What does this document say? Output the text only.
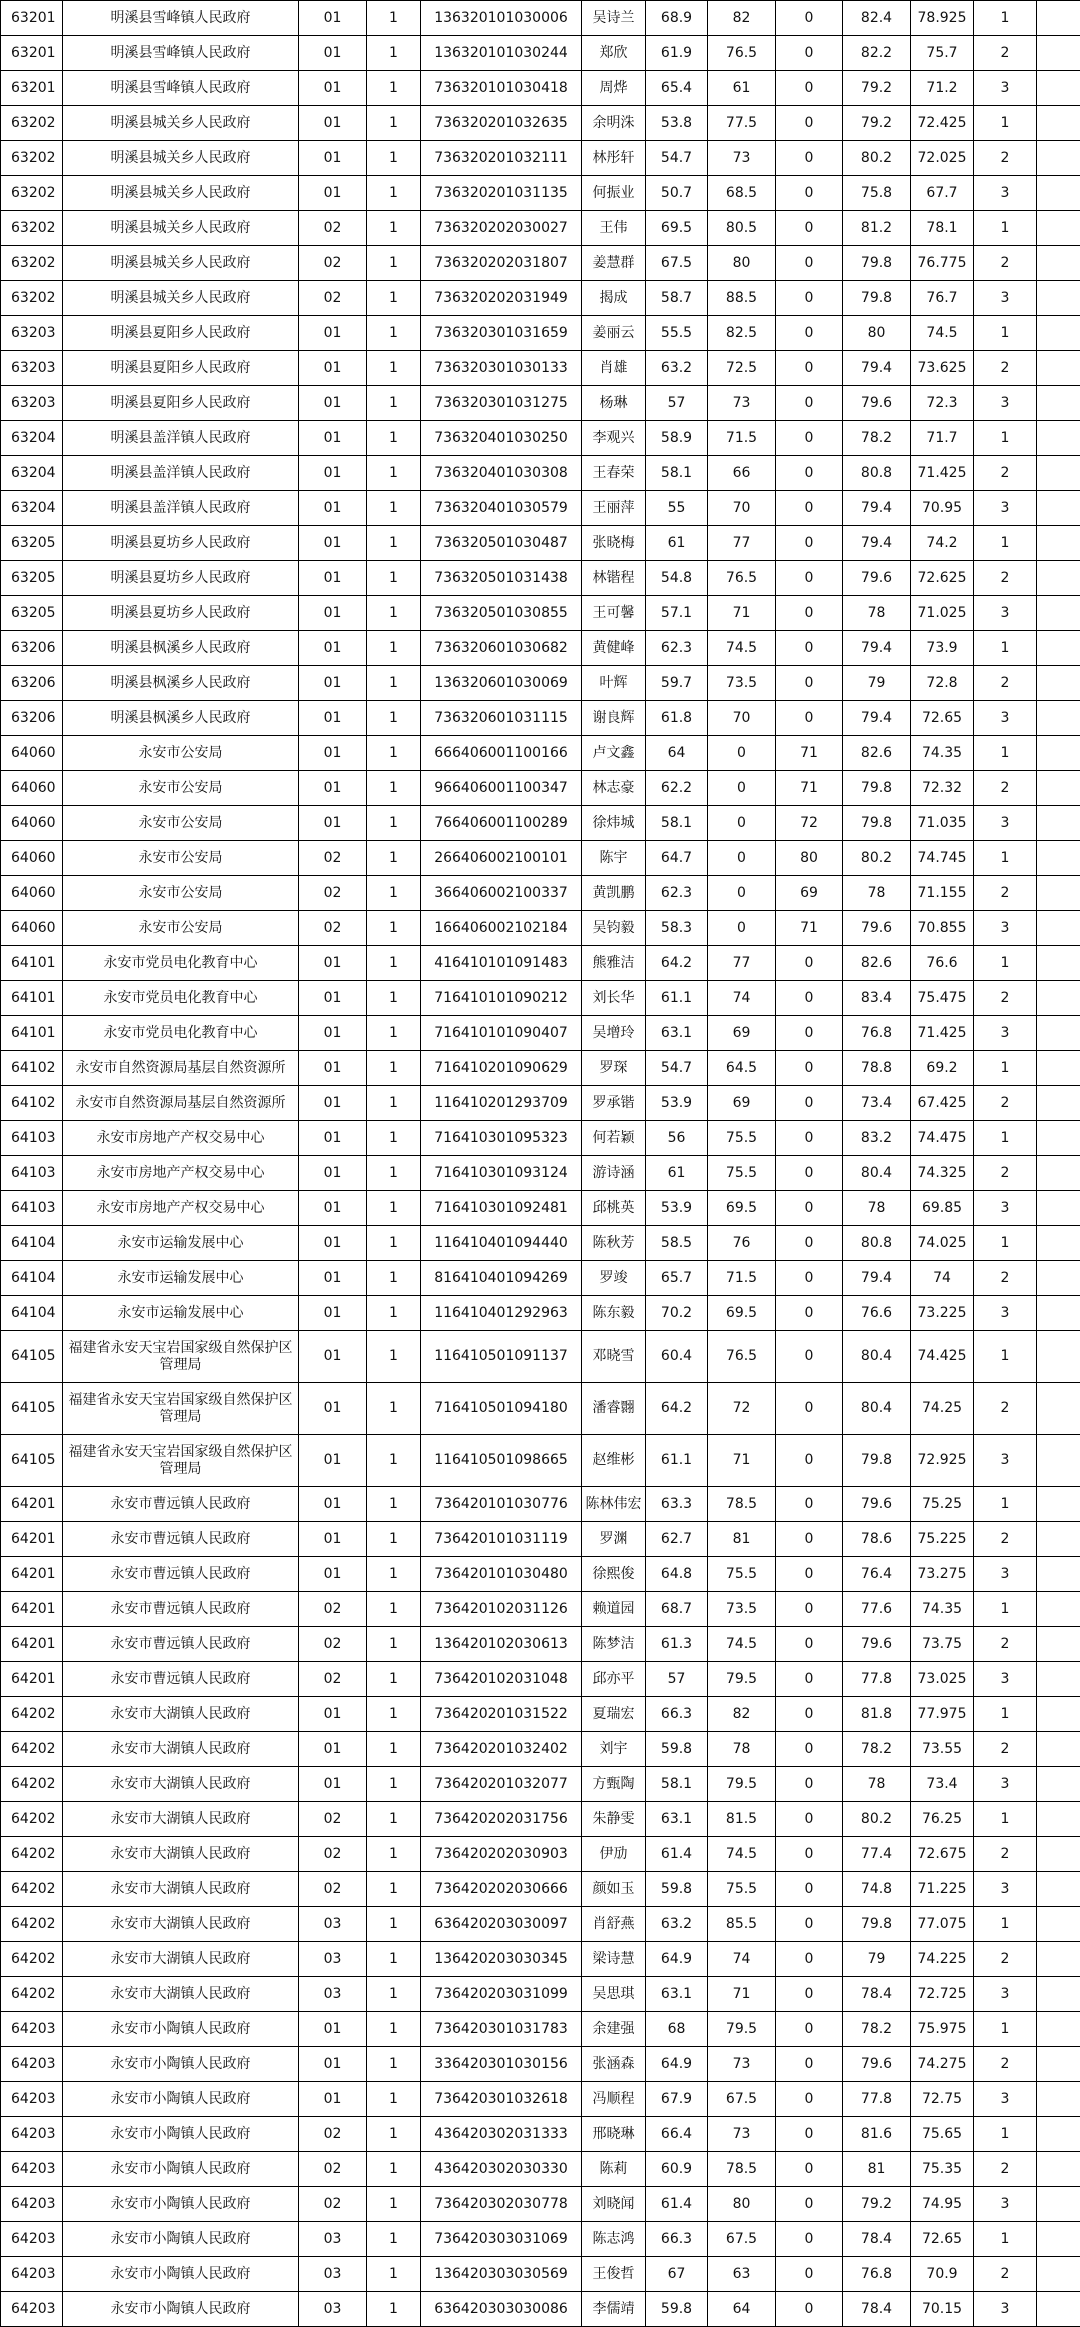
63201	明溪县雪峰镇人民政府	01	1	136320101030006	吴诗兰	68.9	82	0	82.4	78.925	1	
63201	明溪县雪峰镇人民政府	01	1	136320101030244	郑欣	61.9	76.5	0	82.2	75.7	2	
63201	明溪县雪峰镇人民政府	01	1	736320101030418	周烨	65.4	61	0	79.2	71.2	3	
63202	明溪县城关乡人民政府	01	1	736320201032635	余明洙	53.8	77.5	0	79.2	72.425	1	
63202	明溪县城关乡人民政府	01	1	736320201032111	林彤轩	54.7	73	0	80.2	72.025	2	
63202	明溪县城关乡人民政府	01	1	736320201031135	何振业	50.7	68.5	0	75.8	67.7	3	
63202	明溪县城关乡人民政府	02	1	736320202030027	王伟	69.5	80.5	0	81.2	78.1	1	
63202	明溪县城关乡人民政府	02	1	736320202031807	姜慧群	67.5	80	0	79.8	76.775	2	
63202	明溪县城关乡人民政府	02	1	736320202031949	揭成	58.7	88.5	0	79.8	76.7	3	
63203	明溪县夏阳乡人民政府	01	1	736320301031659	姜丽云	55.5	82.5	0	80	74.5	1	
63203	明溪县夏阳乡人民政府	01	1	736320301030133	肖雄	63.2	72.5	0	79.4	73.625	2	
63203	明溪县夏阳乡人民政府	01	1	736320301031275	杨琳	57	73	0	79.6	72.3	3	
63204	明溪县盖洋镇人民政府	01	1	736320401030250	李观兴	58.9	71.5	0	78.2	71.7	1	
63204	明溪县盖洋镇人民政府	01	1	736320401030308	王春荣	58.1	66	0	80.8	71.425	2	
63204	明溪县盖洋镇人民政府	01	1	736320401030579	王丽萍	55	70	0	79.4	70.95	3	
63205	明溪县夏坊乡人民政府	01	1	736320501030487	张晓梅	61	77	0	79.4	74.2	1	
63205	明溪县夏坊乡人民政府	01	1	736320501031438	林锴程	54.8	76.5	0	79.6	72.625	2	
63205	明溪县夏坊乡人民政府	01	1	736320501030855	王可馨	57.1	71	0	78	71.025	3	
63206	明溪县枫溪乡人民政府	01	1	736320601030682	黄健峰	62.3	74.5	0	79.4	73.9	1	
63206	明溪县枫溪乡人民政府	01	1	136320601030069	叶辉	59.7	73.5	0	79	72.8	2	
63206	明溪县枫溪乡人民政府	01	1	736320601031115	谢良辉	61.8	70	0	79.4	72.65	3	
64060	永安市公安局	01	1	666406001100166	卢文鑫	64	0	71	82.6	74.35	1	
64060	永安市公安局	01	1	966406001100347	林志豪	62.2	0	71	79.8	72.32	2	
64060	永安市公安局	01	1	766406001100289	徐炜城	58.1	0	72	79.8	71.035	3	
64060	永安市公安局	02	1	266406002100101	陈宇	64.7	0	80	80.2	74.745	1	
64060	永安市公安局	02	1	366406002100337	黄凯鹏	62.3	0	69	78	71.155	2	
64060	永安市公安局	02	1	166406002102184	吴钧毅	58.3	0	71	79.6	70.855	3	
64101	永安市党员电化教育中心	01	1	416410101091483	熊雅洁	64.2	77	0	82.6	76.6	1	
64101	永安市党员电化教育中心	01	1	716410101090212	刘长华	61.1	74	0	83.4	75.475	2	
64101	永安市党员电化教育中心	01	1	716410101090407	吴增玲	63.1	69	0	76.8	71.425	3	
64102	永安市自然资源局基层自然资源所	01	1	716410201090629	罗琛	54.7	64.5	0	78.8	69.2	1	
64102	永安市自然资源局基层自然资源所	01	1	116410201293709	罗承锴	53.9	69	0	73.4	67.425	2	
64103	永安市房地产产权交易中心	01	1	716410301095323	何若颖	56	75.5	0	83.2	74.475	1	
64103	永安市房地产产权交易中心	01	1	716410301093124	游诗涵	61	75.5	0	80.4	74.325	2	
64103	永安市房地产产权交易中心	01	1	716410301092481	邱桃英	53.9	69.5	0	78	69.85	3	
64104	永安市运输发展中心	01	1	116410401094440	陈秋芳	58.5	76	0	80.8	74.025	1	
64104	永安市运输发展中心	01	1	816410401094269	罗竣	65.7	71.5	0	79.4	74	2	
64104	永安市运输发展中心	01	1	116410401292963	陈东毅	70.2	69.5	0	76.6	73.225	3	
64105	福建省永安天宝岩国家级自然保护区管理局	01	1	116410501091137	邓晓雪	60.4	76.5	0	80.4	74.425	1	
64105	福建省永安天宝岩国家级自然保护区管理局	01	1	716410501094180	潘睿翾	64.2	72	0	80.4	74.25	2	
64105	福建省永安天宝岩国家级自然保护区管理局	01	1	116410501098665	赵维彬	61.1	71	0	79.8	72.925	3	
64201	永安市曹远镇人民政府	01	1	736420101030776	陈林伟宏	63.3	78.5	0	79.6	75.25	1	
64201	永安市曹远镇人民政府	01	1	736420101031119	罗渊	62.7	81	0	78.6	75.225	2	
64201	永安市曹远镇人民政府	01	1	736420101030480	徐熙俊	64.8	75.5	0	76.4	73.275	3	
64201	永安市曹远镇人民政府	02	1	736420102031126	赖道园	68.7	73.5	0	77.6	74.35	1	
64201	永安市曹远镇人民政府	02	1	136420102030613	陈梦洁	61.3	74.5	0	79.6	73.75	2	
64201	永安市曹远镇人民政府	02	1	736420102031048	邱亦平	57	79.5	0	77.8	73.025	3	
64202	永安市大湖镇人民政府	01	1	736420201031522	夏瑞宏	66.3	82	0	81.8	77.975	1	
64202	永安市大湖镇人民政府	01	1	736420201032402	刘宇	59.8	78	0	78.2	73.55	2	
64202	永安市大湖镇人民政府	01	1	736420201032077	方甄陶	58.1	79.5	0	78	73.4	3	
64202	永安市大湖镇人民政府	02	1	736420202031756	朱静雯	63.1	81.5	0	80.2	76.25	1	
64202	永安市大湖镇人民政府	02	1	736420202030903	伊劢	61.4	74.5	0	77.4	72.675	2	
64202	永安市大湖镇人民政府	02	1	736420202030666	颜如玉	59.8	75.5	0	74.8	71.225	3	
64202	永安市大湖镇人民政府	03	1	636420203030097	肖舒燕	63.2	85.5	0	79.8	77.075	1	
64202	永安市大湖镇人民政府	03	1	136420203030345	梁诗慧	64.9	74	0	79	74.225	2	
64202	永安市大湖镇人民政府	03	1	736420203031099	吴思琪	63.1	71	0	78.4	72.725	3	
64203	永安市小陶镇人民政府	01	1	736420301031783	余建强	68	79.5	0	78.2	75.975	1	
64203	永安市小陶镇人民政府	01	1	336420301030156	张涵森	64.9	73	0	79.6	74.275	2	
64203	永安市小陶镇人民政府	01	1	736420301032618	冯顺程	67.9	67.5	0	77.8	72.75	3	
64203	永安市小陶镇人民政府	02	1	436420302031333	邢晓琳	66.4	73	0	81.6	75.65	1	
64203	永安市小陶镇人民政府	02	1	436420302030330	陈莉	60.9	78.5	0	81	75.35	2	
64203	永安市小陶镇人民政府	02	1	736420302030778	刘晓闻	61.4	80	0	79.2	74.95	3	
64203	永安市小陶镇人民政府	03	1	736420303031069	陈志鸿	66.3	67.5	0	78.4	72.65	1	
64203	永安市小陶镇人民政府	03	1	136420303030569	王俊哲	67	63	0	76.8	70.9	2	
64203	永安市小陶镇人民政府	03	1	636420303030086	李儒靖	59.8	64	0	78.4	70.15	3	
